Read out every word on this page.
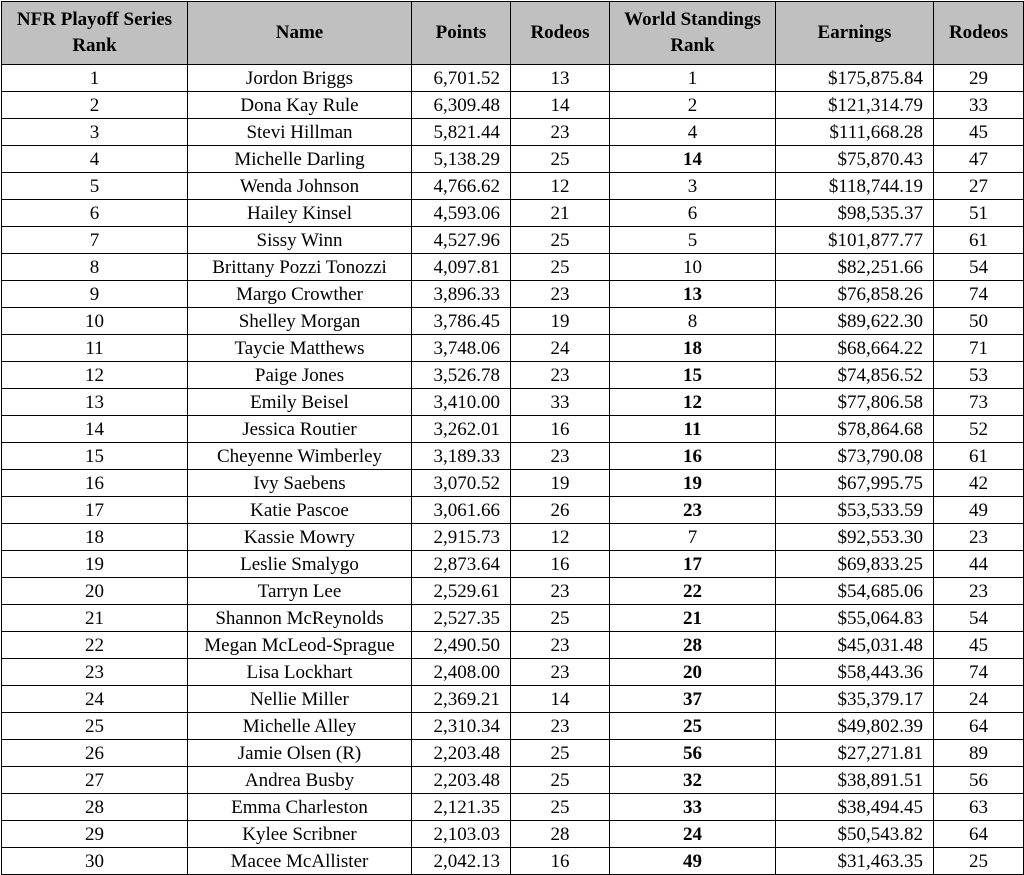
NFR Playoff Series Rank	Name	Points	Rodeos	World Standings Rank	Earnings	Rodeos
1	Jordon Briggs	6,701.52	13	1	$175,875.84	29
2	Dona Kay Rule	6,309.48	14	2	$121,314.79	33
3	Stevi Hillman	5,821.44	23	4	$111,668.28	45
4	Michelle Darling	5,138.29	25	14	$75,870.43	47
5	Wenda Johnson	4,766.62	12	3	$118,744.19	27
6	Hailey Kinsel	4,593.06	21	6	$98,535.37	51
7	Sissy Winn	4,527.96	25	5	$101,877.77	61
8	Brittany Pozzi Tonozzi	4,097.81	25	10	$82,251.66	54
9	Margo Crowther	3,896.33	23	13	$76,858.26	74
10	Shelley Morgan	3,786.45	19	8	$89,622.30	50
11	Taycie Matthews	3,748.06	24	18	$68,664.22	71
12	Paige Jones	3,526.78	23	15	$74,856.52	53
13	Emily Beisel	3,410.00	33	12	$77,806.58	73
14	Jessica Routier	3,262.01	16	11	$78,864.68	52
15	Cheyenne Wimberley	3,189.33	23	16	$73,790.08	61
16	Ivy Saebens	3,070.52	19	19	$67,995.75	42
17	Katie Pascoe	3,061.66	26	23	$53,533.59	49
18	Kassie Mowry	2,915.73	12	7	$92,553.30	23
19	Leslie Smalygo	2,873.64	16	17	$69,833.25	44
20	Tarryn Lee	2,529.61	23	22	$54,685.06	23
21	Shannon McReynolds	2,527.35	25	21	$55,064.83	54
22	Megan McLeod-Sprague	2,490.50	23	28	$45,031.48	45
23	Lisa Lockhart	2,408.00	23	20	$58,443.36	74
24	Nellie Miller	2,369.21	14	37	$35,379.17	24
25	Michelle Alley	2,310.34	23	25	$49,802.39	64
26	Jamie Olsen (R)	2,203.48	25	56	$27,271.81	89
27	Andrea Busby	2,203.48	25	32	$38,891.51	56
28	Emma Charleston	2,121.35	25	33	$38,494.45	63
29	Kylee Scribner	2,103.03	28	24	$50,543.82	64
30	Macee McAllister	2,042.13	16	49	$31,463.35	25
